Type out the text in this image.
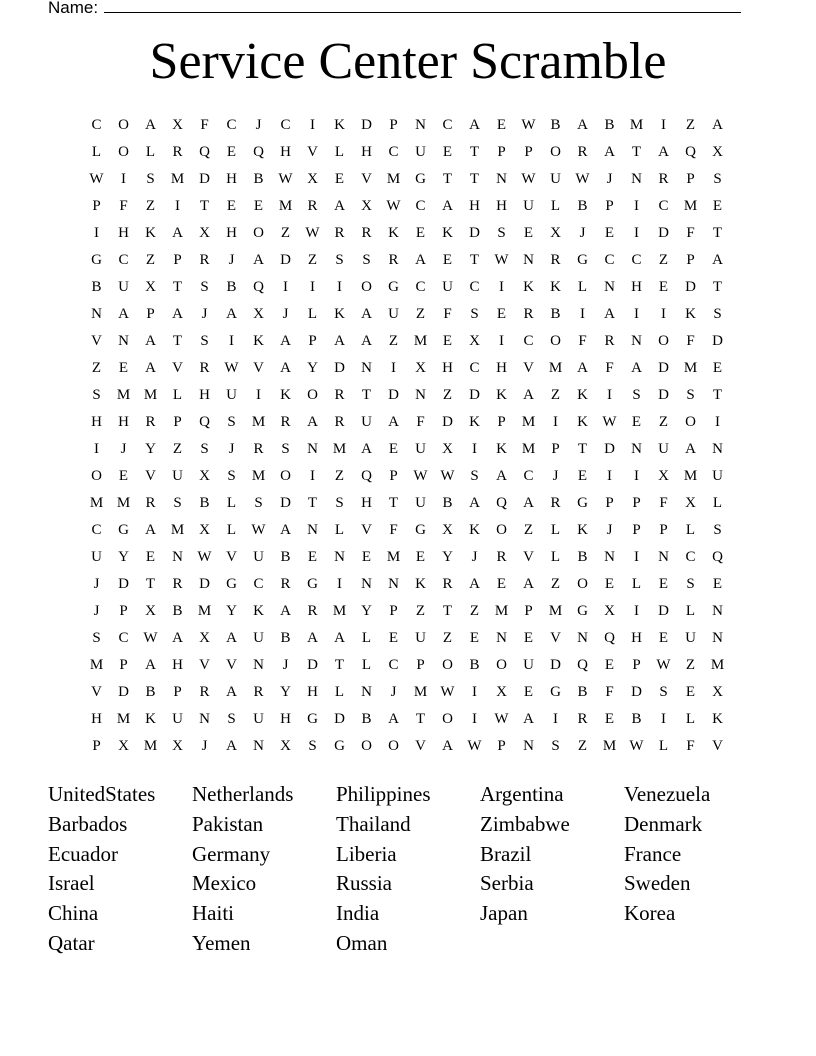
Name:
Service Center Scramble
C	O	A	X	F	C	J	C	I	K	D	P	N	C	A	E	W B	A	B	M	I	Z	A
L	O	L	R	Q	E	Q	H	V	L	H	C	U	E	T	P	P	O	R	A	T	A	Q	X
W	I	S	M D	H	B W X	E	V M G	T	T	N W U W	J	N	R	P	S
P	F	Z	I	T	E	E	M	R	A	X W C	A	H	H	U	L	B	P	I	C	M	E
I	H	K	A	X	H	O	Z	W R	R	K	E	K	D	S	E	X	J	E	I	D	F	T
G	C	Z	P	R	J	A	D	Z	S	S	R	A	E	T	W N	R	G	C	C	Z	P	A
B	U	X	T	S	B	Q	I	I	I	O	G	C	U	C	I	K	K	L	N	H	E	D	T
N	A	P	A	J	A	X	J	L	K	A	U	Z	F	S	E	R	B	I	A	I	I	K	S
V	N	A	T	S	I	K	A	P	A	A	Z	M	E	X	I	C	O	F	R	N	O	F	D
Z	E	A	V	R W V	A	Y	D	N	I	X	H	C	H	V M A	F	A	D M	E
S	M M	L	H	U	I	K	O	R	T	D	N	Z	D	K	A	Z	K	I	S	D	S	T
H	H	R	P	Q	S	M	R	A	R	U	A	F	D	K	P	M	I	K W	E	Z	O	I
I	J	Y	Z	S	J	R	S	N M A	E	U	X	I	K M	P	T	D	N	U	A	N
O	E	V	U	X	S	M O	I	Z	Q	P	W W	S	A	C	J	E	I	I	X M U
M M	R	S	B	L	S	D	T	S	H	T	U	B	A	Q	A	R	G	P	P	F	X	L
C	G	A M X	L	W A	N	L	V	F	G	X	K	O	Z	L	K	J	P	P	L	S
U	Y	E	N W V	U	B	E	N	E	M	E	Y	J	R	V	L	B	N	I	N	C	Q
J	D	T	R	D	G	C	R	G	I	N	N	K	R	A	E	A	Z	O	E	L	E	S	E
J	P	X	B	M Y	K	A	R	M Y	P	Z	T	Z	M	P	M G	X	I	D	L	N
S	C W A	X	A	U	B	A	A	L	E	U	Z	E	N	E	V	N	Q	H	E	U	N
M	P	A	H	V	V	N	J	D	T	L	C	P	O	B	O	U	D	Q	E	P	W	Z	M
V	D	B	P	R	A	R	Y	H	L	N	J	M W	I	X	E	G	B	F	D	S	E	X
H M K	U	N	S	U	H	G	D	B	A	T	O	I	W A	I	R	E	B	I	L	K
P	X M X	J	A	N	X	S	G	O	O	V	A W	P	N	S	Z	M W	L	F	V
UnitedStates	Netherlands	Philippines	Argentina	Venezuela
Barbados	Pakistan	Thailand	Zimbabwe	Denmark
Ecuador	Germany	Liberia	Brazil	France
Israel	Mexico	Russia	Serbia	Sweden
China	Haiti	India	Japan	Korea
Qatar	Yemen	Oman
